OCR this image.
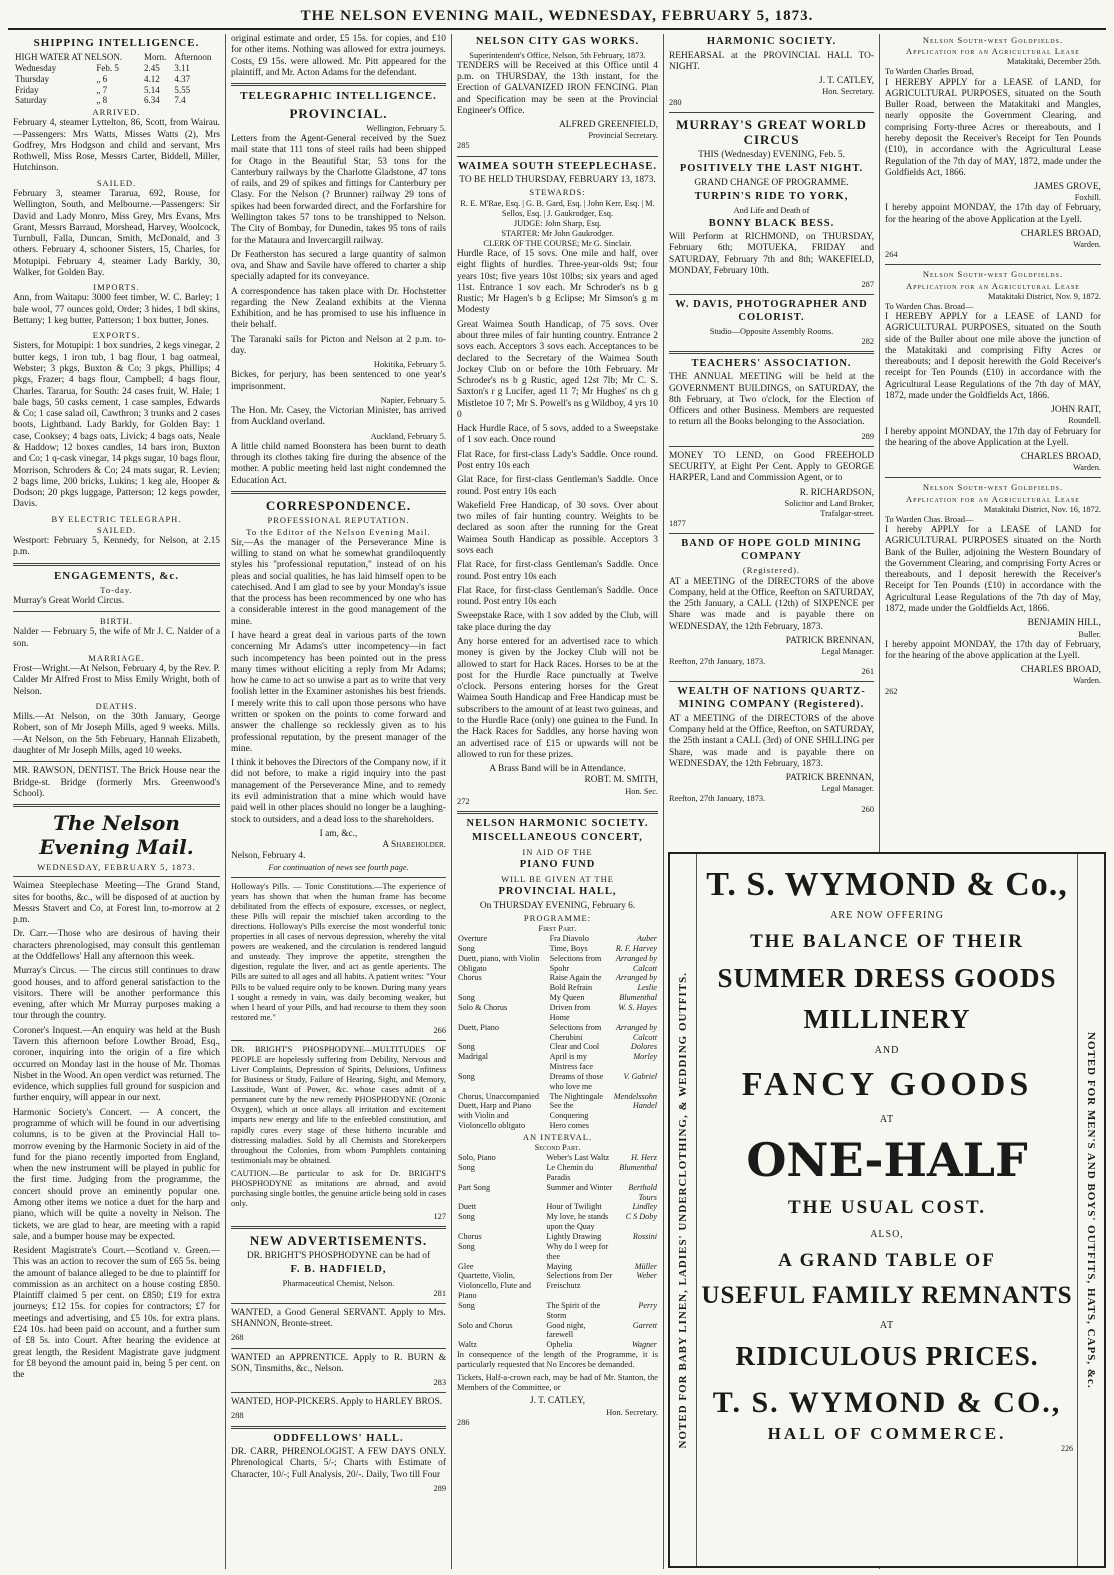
THE NELSON EVENING MAIL, WEDNESDAY, FEBRUARY 5, 1873.
SHIPPING INTELLIGENCE.
HIGH WATER AT NELSON.		Morn.	Afternoon
Wednesday	Feb. 5	2.45	3.11
Thursday	„ 6	4.12	4.37
Friday	„ 7	5.14	5.55
Saturday	„ 8	6.34	7.4
ARRIVED.

February 4, steamer Lyttelton, 86, Scott, from Wairau.—Passengers: Mrs Watts, Misses Watts (2), Mrs Godfrey, Mrs Hodgson and child and servant, Mrs Rothwell, Miss Rose, Messrs Carter, Biddell, Miller, Hutchinson.

SAILED.

February 3, steamer Tararua, 692, Rouse, for Wellington, South, and Melbourne.—Passengers: Sir David and Lady Monro, Miss Grey, Mrs Evans, Mrs Grant, Messrs Barraud, Morshead, Harvey, Woolcock, Turnbull, Falla, Duncan, Smith, McDonald, and 3 others. February 4, schooner Sisters, 15, Charles, for Motupipi. February 4, steamer Lady Barkly, 30, Walker, for Golden Bay.

IMPORTS.

Ann, from Waitapu: 3000 feet timber, W. C. Barley; 1 bale wool, 77 ounces gold, Order; 3 hides, 1 bdl skins, Bettany; 1 keg butter, Patterson; 1 box butter, Jones.

EXPORTS.

Sisters, for Motupipi: 1 box sundries, 2 kegs vinegar, 2 butter kegs, 1 iron tub, 1 bag flour, 1 bag oatmeal, Webster; 3 pkgs, Buxton & Co; 3 pkgs, Phillips; 4 pkgs, Frazer; 4 bags flour, Campbell; 4 bags flour, Charles. Tararua, for South: 24 cases fruit, W. Hale; 1 bale bags, 50 casks cement, 1 case samples, Edwards & Co; 1 case salad oil, Cawthron; 3 trunks and 2 cases boots, Lightband. Lady Barkly, for Golden Bay: 1 case, Cooksey; 4 bags oats, Livick; 4 bags oats, Neale & Haddow; 12 boxes candles, 14 bars iron, Buxton and Co; 1 q-cask vinegar, 14 pkgs sugar, 10 bags flour, Morrison, Schroders & Co; 24 mats sugar, R. Levien; 2 bags lime, 200 bricks, Lukins; 1 keg ale, Hooper & Dodson; 20 pkgs luggage, Patterson; 12 kegs powder, Davis.

BY ELECTRIC TELEGRAPH.
SAILED.

Westport: February 5, Kennedy, for Nelson, at 2.15 p.m.

ENGAGEMENTS, &c.
To-day.

Murray's Great World Circus.

BIRTH.

Nalder — February 5, the wife of Mr J. C. Nalder of a son.

MARRIAGE.

Frost—Wright.—At Nelson, February 4, by the Rev. P. Calder Mr Alfred Frost to Miss Emily Wright, both of Nelson.

DEATHS.

Mills.—At Nelson, on the 30th January, George Robert, son of Mr Joseph Mills, aged 9 weeks. Mills.—At Nelson, on the 5th February, Hannah Elizabeth, daughter of Mr Joseph Mills, aged 10 weeks.

MR. RAWSON, DENTIST. The Brick House near the Bridge-st. Bridge (formerly Mrs. Greenwood's School).

The Nelson Evening Mail.
WEDNESDAY, FEBRUARY 5, 1873.

Waimea Steeplechase Meeting—The Grand Stand, sites for booths, &c., will be disposed of at auction by Messrs Stavert and Co, at Forest Inn, to-morrow at 2 p.m.

Dr. Carr.—Those who are desirous of having their characters phrenologised, may consult this gentleman at the Oddfellows' Hall any afternoon this week.

Murray's Circus. — The circus still continues to draw good houses, and to afford general satisfaction to the visitors. There will be another performance this evening, after which Mr Murray purposes making a tour through the country.

Coroner's Inquest.—An enquiry was held at the Bush Tavern this afternoon before Lowther Broad, Esq., coroner, inquiring into the origin of a fire which occurred on Monday last in the house of Mr. Thomas Nisbet in the Wood. An open verdict was returned. The evidence, which supplies full ground for suspicion and further enquiry, will appear in our next.

Harmonic Society's Concert. — A concert, the programme of which will be found in our advertising columns, is to be given at the Provincial Hall to-morrow evening by the Harmonic Society in aid of the fund for the piano recently imported from England, when the new instrument will be played in public for the first time. Judging from the programme, the concert should prove an eminently popular one. Among other items we notice a duet for the harp and piano, which will be quite a novelty in Nelson. The tickets, we are glad to hear, are meeting with a rapid sale, and a bumper house may be expected.

Resident Magistrate's Court.—Scotland v. Green.—This was an action to recover the sum of £65 5s. being the amount of balance alleged to be due to plaintiff for commission as an architect on a house costing £850. Plaintiff claimed 5 per cent. on £850; £19 for extra journeys; £12 15s. for copies for contractors; £7 for meetings and advertising, and £5 10s. for extra plans. £24 10s. had been paid on account, and a further sum of £8 5s. into Court. After hearing the evidence at great length, the Resident Magistrate gave judgment for £8 beyond the amount paid in, being 5 per cent. on the

original estimate and order, £5 15s. for copies, and £10 for other items. Nothing was allowed for extra journeys. Costs, £9 15s. were allowed. Mr. Pitt appeared for the plaintiff, and Mr. Acton Adams for the defendant.

TELEGRAPHIC INTELLIGENCE.
PROVINCIAL.
Wellington, February 5.

Letters from the Agent-General received by the Suez mail state that 111 tons of steel rails had been shipped for Otago in the Beautiful Star, 53 tons for the Canterbury railways by the Charlotte Gladstone, 47 tons of rails, and 29 of spikes and fittings for Canterbury per Clasy. For the Nelson (? Brunner) railway 29 tons of spikes had been forwarded direct, and the Forfarshire for Wellington takes 57 tons to be transhipped to Nelson. The City of Bombay, for Dunedin, takes 95 tons of rails for the Mataura and Invercargill railway.

Dr Featherston has secured a large quantity of salmon ova, and Shaw and Savile have offered to charter a ship specially adapted for its conveyance.

A correspondence has taken place with Dr. Hochstetter regarding the New Zealand exhibits at the Vienna Exhibition, and he has promised to use his influence in their behalf.

The Taranaki sails for Picton and Nelson at 2 p.m. to-day.

Hokitika, February 5.

Bickes, for perjury, has been sentenced to one year's imprisonment.

Napier, February 5.

The Hon. Mr. Casey, the Victorian Minister, has arrived from Auckland overland.

Auckland, February 5.

A little child named Boonstera has been burnt to death through its clothes taking fire during the absence of the mother. A public meeting held last night condemned the Education Act.

CORRESPONDENCE.
PROFESSIONAL REPUTATION.
To the Editor of the Nelson Evening Mail.

Sir,—As the manager of the Perseverance Mine is willing to stand on what he somewhat grandiloquently styles his "professional reputation," instead of on his pleas and social qualities, he has laid himself open to be catechised. And I am glad to see by your Monday's issue that the process has been recommenced by one who has a considerable interest in the good management of the mine.

I have heard a great deal in various parts of the town concerning Mr Adams's utter incompetency—in fact such incompetency has been pointed out in the press many times without eliciting a reply from Mr Adams; how he came to act so unwise a part as to write that very foolish letter in the Examiner astonishes his best friends. I merely write this to call upon those persons who have written or spoken on the points to come forward and answer the challenge so recklessly given as to his professional reputation, by the present manager of the mine.

I think it behoves the Directors of the Company now, if it did not before, to make a rigid inquiry into the past management of the Perseverance Mine, and to remedy its evil administration that a mine which would have paid well in other places should no longer be a laughing-stock to outsiders, and a dead loss to the shareholders.

I am, &c.,
A Shareholder.
Nelson, February 4.
For continuation of news see fourth page.

Holloway's Pills. — Tonic Constitutions.—The experience of years has shown that when the human frame has become debilitated from the effects of exposure, excesses, or neglect, these Pills will repair the mischief taken according to the directions. Holloway's Pills exercise the most wonderful tonic properties in all cases of nervous depression, whereby the vital powers are weakened, and the circulation is rendered languid and unsteady. They improve the appetite, strengthen the digestion, regulate the liver, and act as gentle aperients. The Pills are suited to all ages and all habits. A patient writes: "Your Pills to be valued require only to be known. During many years I sought a remedy in vain, was daily becoming weaker, but when I heard of your Pills, and had recourse to them they soon restored me."

266

DR. BRIGHT'S PHOSPHODYNE—MULTITUDES OF PEOPLE are hopelessly suffering from Debility, Nervous and Liver Complaints, Depression of Spirits, Delusions, Unfitness for Business or Study, Failure of Hearing, Sight, and Memory, Lassitude, Want of Power, &c. whose cases admit of a permanent cure by the new remedy PHOSPHODYNE (Ozonic Oxygen), which at once allays all irritation and excitement imparts new energy and life to the enfeebled constitution, and rapidly cures every stage of these hitherto incurable and distressing maladies. Sold by all Chemists and Storekeepers throughout the Colonies, from whom Pamphlets containing testimonials may be obtained.

CAUTION.—Be particular to ask for Dr. BRIGHT'S PHOSPHODYNE as imitations are abroad, and avoid purchasing single bottles, the genuine article being sold in cases only.

127
NEW ADVERTISEMENTS.
DR. BRIGHT'S PHOSPHODYNE can be had of
F. B. HADFIELD,
Pharmaceutical Chemist, Nelson.
281

WANTED, a Good General SERVANT. Apply to Mrs. SHANNON, Bronte-street.

268

WANTED an APPRENTICE. Apply to R. BURN & SON, Tinsmiths, &c., Nelson.

283

WANTED, HOP-PICKERS. Apply to HARLEY BROS.

288
ODDFELLOWS' HALL.

DR. CARR, PHRENOLOGIST. A FEW DAYS ONLY. Phrenological Charts, 5/-; Charts with Estimate of Character, 10/-; Full Analysis, 20/-. Daily, Two till Four

289
NELSON CITY GAS WORKS.
Superintendent's Office, Nelson, 5th February, 1873.

TENDERS will be Received at this Office until 4 p.m. on THURSDAY, the 13th instant, for the Erection of GALVANIZED IRON FENCING. Plan and Specification may be seen at the Provincial Engineer's Office.

ALFRED GREENFIELD,
Provincial Secretary.
285
WAIMEA SOUTH STEEPLECHASE.
TO BE HELD THURSDAY, FEBRUARY 13, 1873.
STEWARDS:
R. E. M'Rae, Esq. | G. B. Gard, Esq. | John Kerr, Esq. | M. Sellos, Esq. | J. Gaukrodger, Esq.
JUDGE: John Sharp, Esq.
STARTER: Mr John Gaukrodger.
CLERK OF THE COURSE; Mr G. Sinclair.

Hurdle Race, of 15 sovs. One mile and half, over eight flights of hurdles. Three-year-olds 9st; four years 10st; five years 10st 10lbs; six years and aged 11st. Entrance 1 sov each. Mr Schroder's ns b g Rustic; Mr Hagen's b g Eclipse; Mr Simson's g m Modesty

Great Waimea South Handicap, of 75 sovs. Over about three miles of fair hunting country. Entrance 2 sovs each. Acceptors 3 sovs each. Acceptances to be declared to the Secretary of the Waimea South Jockey Club on or before the 10th February. Mr Schroder's ns b g Rustic, aged 12st 7lb; Mr C. S. Saxton's r g Lucifer, aged 11 7; Mr Hughes' ns ch g Mistletoe 10 7; Mr S. Powell's ns g Wildboy, 4 yrs 10 0

Hack Hurdle Race, of 5 sovs, added to a Sweepstake of 1 sov each. Once round

Flat Race, for first-class Lady's Saddle. Once round. Post entry 10s each

Glat Race, for first-class Gentleman's Saddle. Once round. Post entry 10s each

Wakefield Free Handicap, of 30 sovs. Over about two miles of fair hunting country. Weights to be declared as soon after the running for the Great Waimea South Handicap as possible. Acceptors 3 sovs each

Flat Race, for first-class Gentleman's Saddle. Once round. Post entry 10s each

Flat Race, for first-class Gentleman's Saddle. Once round. Post entry 10s each

Sweepstake Race, with 1 sov added by the Club, will take place during the day

Any horse entered for an advertised race to which money is given by the Jockey Club will not be allowed to start for Hack Races. Horses to be at the post for the Hurdle Race punctually at Twelve o'clock. Persons entering horses for the Great Waimea South Handicap and Free Handicap must be subscribers to the amount of at least two guineas, and to the Hurdle Race (only) one guinea to the Fund. In the Hack Races for Saddles, any horse having won an advertised race of £15 or upwards will not be allowed to run for these prizes.

A Brass Band will be in Attendance.
ROBT. M. SMITH,
Hon. Sec.
272
NELSON HARMONIC SOCIETY.
MISCELLANEOUS CONCERT,
IN AID OF THE
PIANO FUND
WILL BE GIVEN AT THE
PROVINCIAL HALL,
On THURSDAY EVENING, February 6.
PROGRAMME:
First Part.
Overture	Fra Diavolo	Auber
Song	Time, Boys	R. F. Harvey
Duett, piano, with Violin Obligato	Selections from Spohr	Arranged by Calcott
Chorus	Raise Again the Bold Refrain	Arranged by Leslie
Song	My Queen	Blumenthal
Solo & Chorus	Driven from Home	W. S. Hayes
Duett, Piano	Selections from Cherubini	Arranged by Calcott
Song	Clear and Cool	Dolores
Madrigal	April is my Mistress face	Morley
Song	Dreams of those who love me	V. Gabriel
Chorus, Unaccompanied	The Nightingale	Mendelssohn
Duett, Harp and Piano with Violin and Violoncello obligato	See the Conquering Hero comes	Handel
AN INTERVAL.
Second Part.
Solo, Piano	Weber's Last Waltz	H. Herz
Song	Le Chemin du Paradis	Blumenthal
Part Song	Summer and Winter	Berthold Tours
Duett	Hour of Twilight	Lindley
Song	My love, he stands upon the Quay	C S Doby
Chorus	Lightly Drawing	Rossini
Song	Why do I weep for thee	
Glee	Maying	Müller
Quartette, Violin, Violoncello, Flute and Piano	Selections from Der Freischutz	Weber
Song	The Spirit of the Storm	Perry
Solo and Chorus	Good night, farewell	Garrett
Waltz	Ophelia	Wagner

In consequence of the length of the Programme, it is particularly requested that No Encores be demanded.

Tickets, Half-a-crown each, may be had of Mr. Stanton, the Members of the Committee, or

J. T. CATLEY,
Hon. Secretary.
286
HARMONIC SOCIETY.

REHEARSAL at the PROVINCIAL HALL TO-NIGHT.

J. T. CATLEY,
Hon. Secretary.
280
MURRAY'S GREAT WORLD CIRCUS
THIS (Wednesday) EVENING, Feb. 5.
POSITIVELY THE LAST NIGHT.
GRAND CHANGE OF PROGRAMME.
TURPIN'S RIDE TO YORK,
And Life and Death of
BONNY BLACK BESS.

Will Perform at RICHMOND, on THURSDAY, February 6th; MOTUEKA, FRIDAY and SATURDAY, February 7th and 8th; WAKEFIELD, MONDAY, February 10th.

287
W. DAVIS, PHOTOGRAPHER AND COLORIST.
Studio—Opposite Assembly Rooms.
282
TEACHERS' ASSOCIATION.

THE ANNUAL MEETING will be held at the GOVERNMENT BUILDINGS, on SATURDAY, the 8th February, at Two o'clock, for the Election of Officers and other Business. Members are requested to return all the Books belonging to the Association.

289

MONEY TO LEND, on Good FREEHOLD SECURITY, at Eight Per Cent. Apply to GEORGE HARPER, Land and Commission Agent, or to

R. RICHARDSON,
Solicitor and Land Broker,
Trafalgar-street.
1877
BAND OF HOPE GOLD MINING COMPANY
(Registered).

AT a MEETING of the DIRECTORS of the above Company, held at the Office, Reefton on SATURDAY, the 25th January, a CALL (12th) of SIXPENCE per Share was made and is payable there on WEDNESDAY, the 12th February, 1873.

PATRICK BRENNAN,
Legal Manager.
Reefton, 27th January, 1873.
261
WEALTH OF NATIONS QUARTZ-MINING COMPANY (Registered).

AT a MEETING of the DIRECTORS of the above Company held at the Office, Reefton, on SATURDAY, the 25th instant a CALL (3rd) of ONE SHILLING per Share, was made and is payable there on WEDNESDAY, the 12th February, 1873.

PATRICK BRENNAN,
Legal Manager.
Reefton, 27th January, 1873.
260
Nelson South-west Goldfields.
Application for an Agricultural Lease
Matakitaki, December 25th.
To Warden Charles Broad,

I HEREBY APPLY for a LEASE of LAND, for AGRICULTURAL PURPOSES, situated on the South Buller Road, between the Matakitaki and Mangles, nearly opposite the Government Clearing, and comprising Forty-three Acres or thereabouts, and I hereby deposit the Receiver's Receipt for Ten Pounds (£10), in accordance with the Agricultural Lease Regulation of the 7th day of MAY, 1872, made under the Goldfields Act, 1866.

JAMES GROVE,
Foxhill.

I hereby appoint MONDAY, the 17th day of February, for the hearing of the above Application at the Lyell.

CHARLES BROAD,
Warden.
264
Nelson South-west Goldfields.
Application for an Agricultural Lease
Matakitaki District, Nov. 9, 1872.
To Warden Chas. Broad—

I HEREBY APPLY for a LEASE of LAND for AGRICULTURAL PURPOSES, situated on the South side of the Buller about one mile above the junction of the Matakitaki and comprising Fifty Acres or thereabouts; and I deposit herewith the Gold Receiver's receipt for Ten Pounds (£10) in accordance with the Agricultural Lease Regulations of the 7th day of MAY, 1872, made under the Goldfields Act, 1866.

JOHN RAIT,
Roundell.

I hereby appoint MONDAY, the 17th day of February for the hearing of the above Application at the Lyell.

CHARLES BROAD,
Warden.
Nelson South-west Goldfields.
Application for an Agricultural Lease
Matakitaki District, Nov. 16, 1872.
To Warden Chas. Broad—

I hereby APPLY for a LEASE of LAND for AGRICULTURAL PURPOSES situated on the North Bank of the Buller, adjoining the Western Boundary of the Government Clearing, and comprising Forty Acres or thereabouts, and I deposit herewith the Receiver's Receipt for Ten Pounds (£10) in accordance with the Agricultural Lease Regulations of the 7th day of May, 1872, made under the Goldfields Act, 1866.

BENJAMIN HILL,
Buller.

I hereby appoint MONDAY, the 17th day of February, for the hearing of the above application at the Lyell.

CHARLES BROAD,
Warden.
262
NOTED FOR BABY LINEN, LADIES' UNDERCLOTHING, & WEDDING OUTFITS.
T. S. WYMOND & Co.,
ARE NOW OFFERING
THE BALANCE OF THEIR
SUMMER DRESS GOODS
MILLINERY
AND
FANCY GOODS
AT
ONE-HALF
THE USUAL COST.
ALSO,
A GRAND TABLE OF
USEFUL FAMILY REMNANTS
AT
RIDICULOUS PRICES.
T. S. WYMOND & CO.,
HALL OF COMMERCE.
226
NOTED FOR MEN'S AND BOYS' OUTFITS, HATS, CAPS, &c.
